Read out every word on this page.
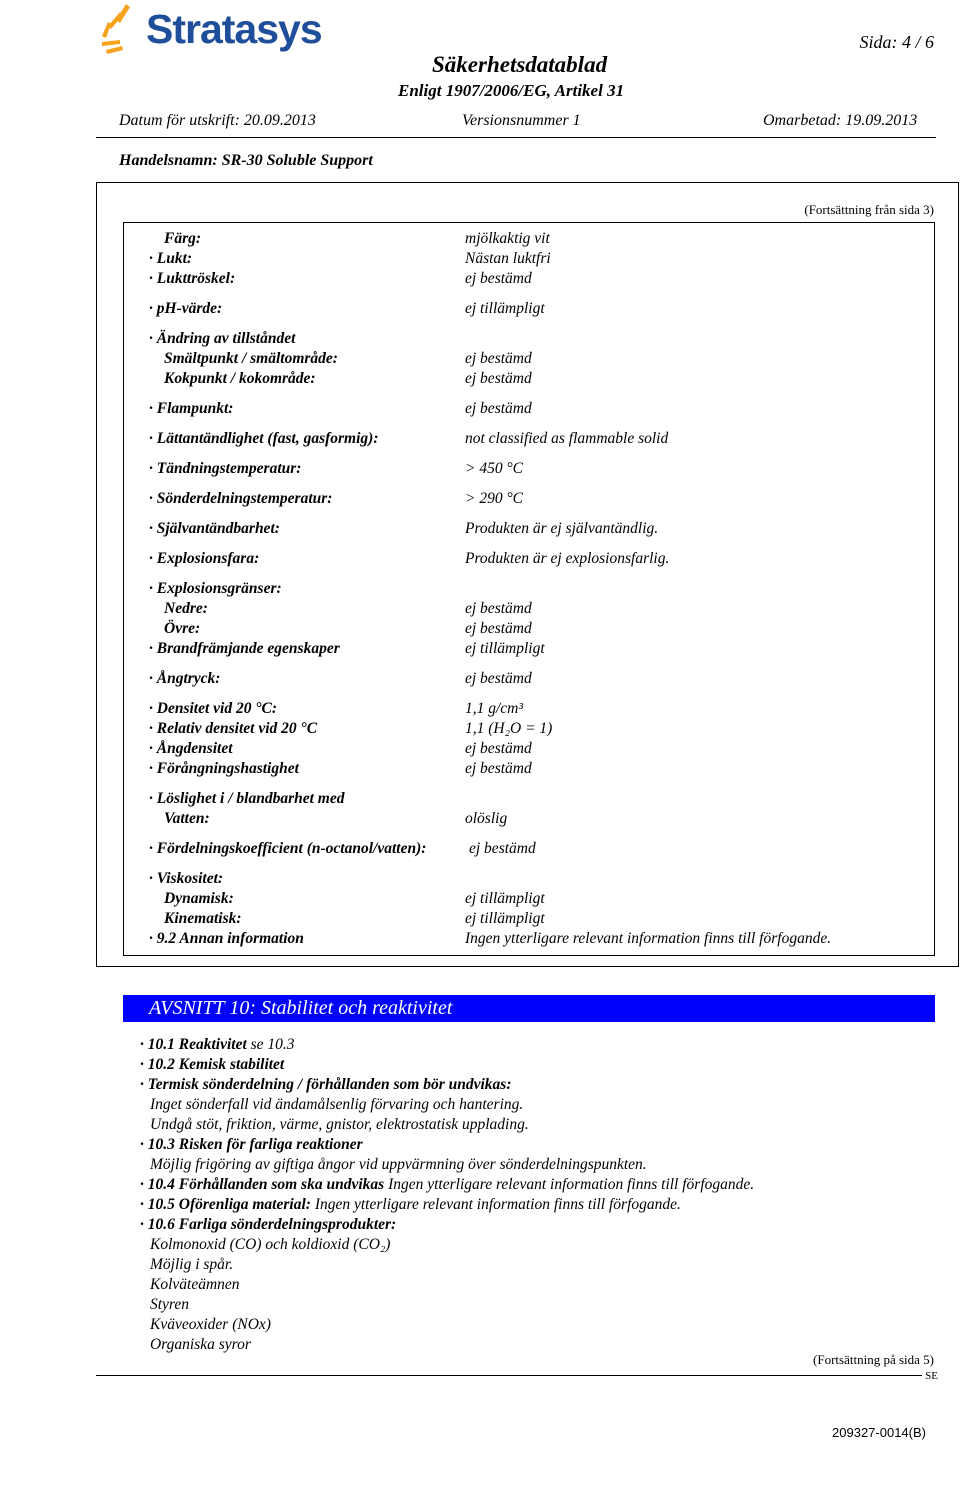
Stratasys	Sida: 4 / 6
Säkerhetsdatablad
Enligt 1907/2006/EG, Artikel 31
Datum för utskrift: 20.09.2013	Versionsnummer 1	Omarbetad: 19.09.2013
Handelsnamn: SR-30 Soluble Support
(Fortsättning från sida 3)
Färg:	mjölkaktig vit
· Lukt:	Nästan luktfri
· Lukttröskel:	ej bestämd
· pH-värde:	ej tillämpligt
· Ändring av tillståndet
Smältpunkt / smältområde:	ej bestämd
Kokpunkt / kokområde:	ej bestämd
· Flampunkt:	ej bestämd
· Lättantändlighet (fast, gasformig):	not classified as flammable solid
· Tändningstemperatur:	> 450 °C
· Sönderdelningstemperatur:	> 290 °C
· Självantändbarhet:	Produkten är ej självantändlig.
· Explosionsfara:	Produkten är ej explosionsfarlig.
· Explosionsgränser:
Nedre:	ej bestämd
Övre:	ej bestämd
· Brandfrämjande egenskaper	ej tillämpligt
· Ångtryck:	ej bestämd
· Densitet vid 20 °C:	1,1 g/cm³
· Relativ densitet vid 20 °C	1,1 (H₂O = 1)
· Ångdensitet	ej bestämd
· Förångningshastighet	ej bestämd
· Löslighet i / blandbarhet med
Vatten:	olöslig
· Fördelningskoefficient (n-octanol/vatten):	ej bestämd
· Viskositet:
Dynamisk:	ej tillämpligt
Kinematisk:	ej tillämpligt
· 9.2 Annan information	Ingen ytterligare relevant information finns till förfogande.
AVSNITT 10: Stabilitet och reaktivitet
· 10.1 Reaktivitet se 10.3
· 10.2 Kemisk stabilitet
· Termisk sönderdelning / förhållanden som bör undvikas:
Inget sönderfall vid ändamålsenlig förvaring och hantering.
Undgå stöt, friktion, värme, gnistor, elektrostatisk upplading.
· 10.3 Risken för farliga reaktioner
Möjlig frigöring av giftiga ångor vid uppvärmning över sönderdelningspunkten.
· 10.4 Förhållanden som ska undvikas Ingen ytterligare relevant information finns till förfogande.
· 10.5 Oförenliga material: Ingen ytterligare relevant information finns till förfogande.
· 10.6 Farliga sönderdelningsprodukter:
Kolmonoxid (CO) och koldioxid (CO₂)
Möjlig i spår.
Kolväteämnen
Styren
Kväveoxider (NOx)
Organiska syror
(Fortsättning på sida 5)
SE
209327-0014(B)
